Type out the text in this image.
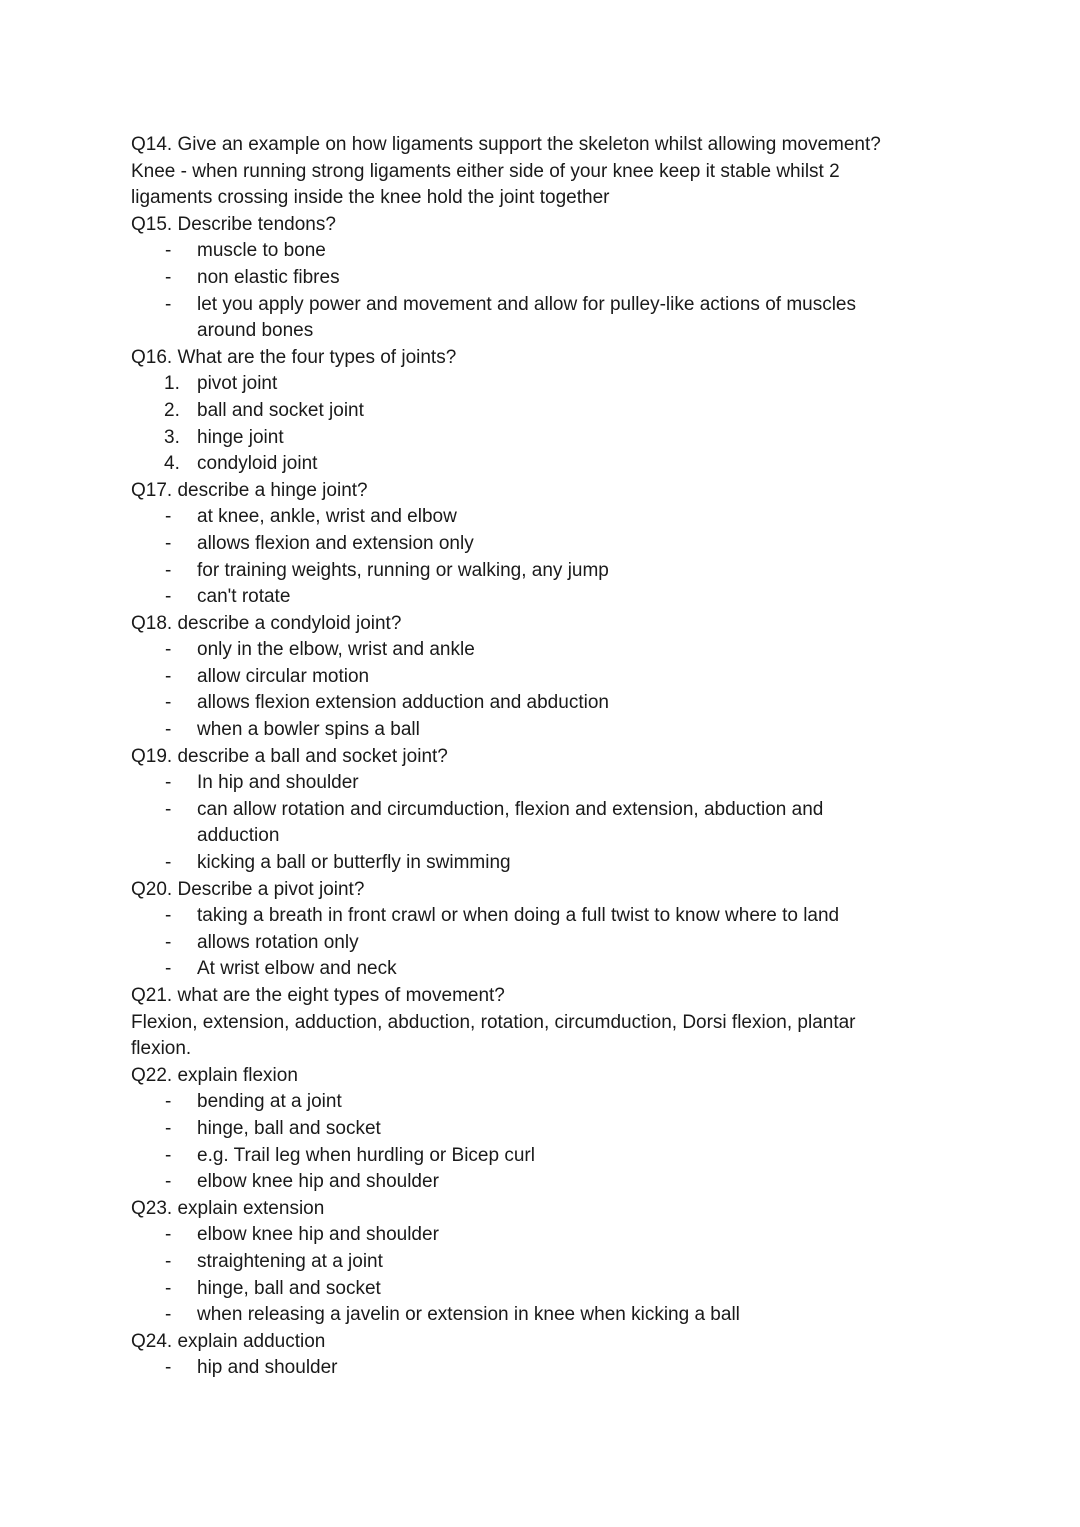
Q14. Give an example on how ligaments support the skeleton whilst allowing movement?
Knee - when running strong ligaments either side of your knee keep it stable whilst 2
ligaments crossing inside the knee hold the joint together
Q15. Describe tendons?
- muscle to bone
- non elastic fibres
- let you apply power and movement and allow for pulley-like actions of muscles around bones
Q16. What are the four types of joints?
1. pivot joint
2. ball and socket joint
3. hinge joint
4. condyloid joint
Q17. describe a hinge joint?
- at knee, ankle, wrist and elbow
- allows flexion and extension only
- for training weights, running or walking, any jump
- can't rotate
Q18. describe a condyloid joint?
- only in the elbow, wrist and ankle
- allow circular motion
- allows flexion extension adduction and abduction
- when a bowler spins a ball
Q19. describe a ball and socket joint?
- In hip and shoulder
- can allow rotation and circumduction, flexion and extension, abduction and adduction
- kicking a ball or butterfly in swimming
Q20. Describe a pivot joint?
- taking a breath in front crawl or when doing a full twist to know where to land
- allows rotation only
- At wrist elbow and neck
Q21. what are the eight types of movement?
Flexion, extension, adduction, abduction, rotation, circumduction, Dorsi flexion, plantar
flexion.
Q22. explain flexion
- bending at a joint
- hinge, ball and socket
- e.g. Trail leg when hurdling or Bicep curl
- elbow knee hip and shoulder
Q23. explain extension
- elbow knee hip and shoulder
- straightening at a joint
- hinge, ball and socket
- when releasing a javelin or extension in knee when kicking a ball
Q24. explain adduction
- hip and shoulder
